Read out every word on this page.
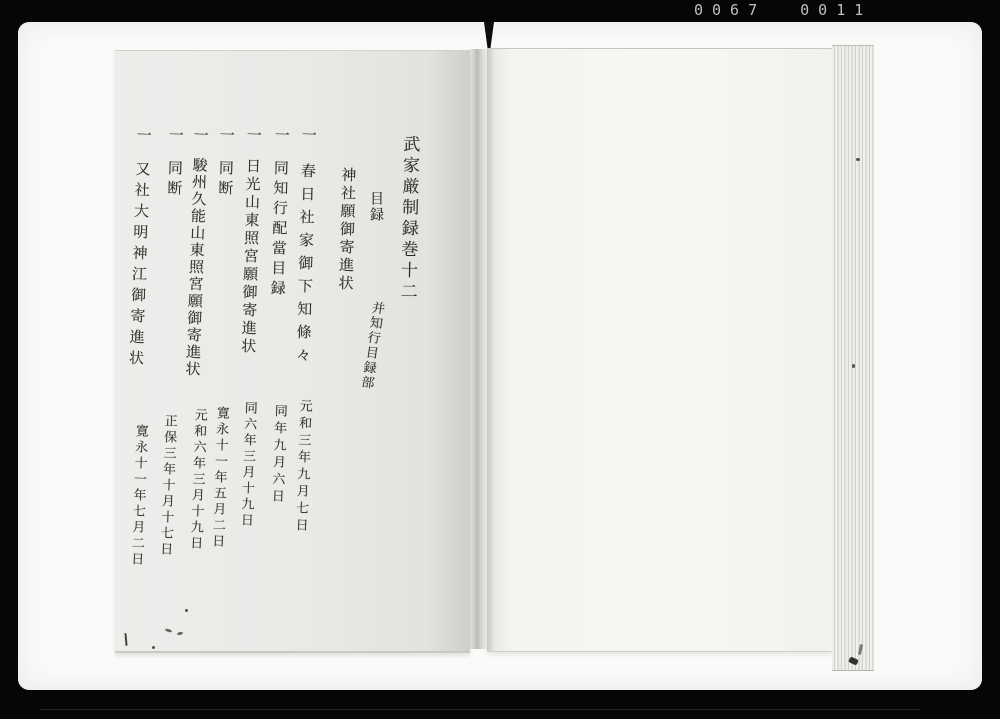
0067 0011
武家厳制録巻十二
目録
神社願御寄進状
并知行目録部
一春日社家御下知條々
一同知行配當目録
一日光山東照宮願御寄進状
一同断
一駿州久能山東照宮願御寄進状
一同断
一又社大明神江御寄進状
元和三年九月七日
同年九月六日
同六年三月十九日
寛永十一年五月二日
元和六年三月十九日
正保三年十月十七日
寛永十一年七月二日
